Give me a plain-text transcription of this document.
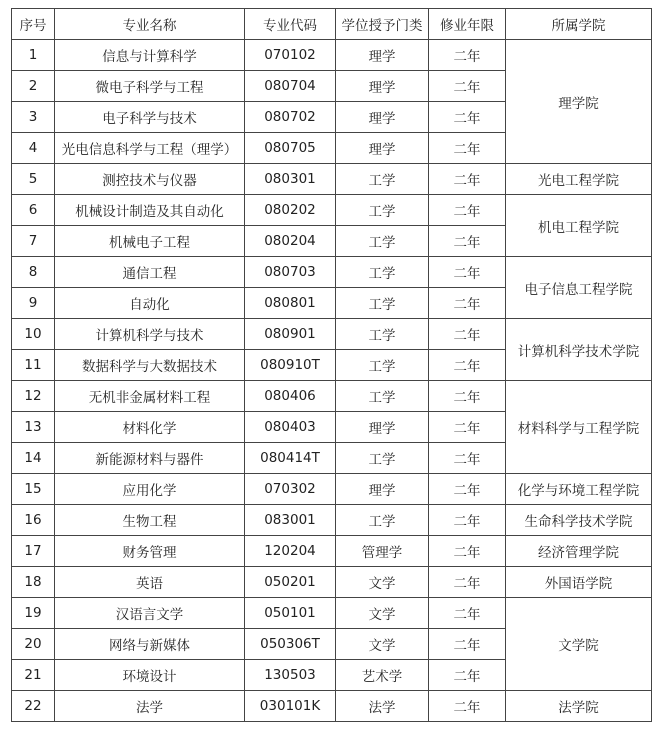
序号	专业名称	专业代码	学位授予门类	修业年限	所属学院
1	信息与计算科学	070102	理学	二年	理学院
2	微电子科学与工程	080704	理学	二年	
3	电子科学与技术	080702	理学	二年	
4	光电信息科学与工程（理学）	080705	理学	二年	
5	测控技术与仪器	080301	工学	二年	光电工程学院
6	机械设计制造及其自动化	080202	工学	二年	机电工程学院
7	机械电子工程	080204	工学	二年	
8	通信工程	080703	工学	二年	电子信息工程学院
9	自动化	080801	工学	二年	
10	计算机科学与技术	080901	工学	二年	计算机科学技术学院
11	数据科学与大数据技术	080910T	工学	二年	
12	无机非金属材料工程	080406	工学	二年	材料科学与工程学院
13	材料化学	080403	理学	二年	
14	新能源材料与器件	080414T	工学	二年	
15	应用化学	070302	理学	二年	化学与环境工程学院
16	生物工程	083001	工学	二年	生命科学技术学院
17	财务管理	120204	管理学	二年	经济管理学院
18	英语	050201	文学	二年	外国语学院
19	汉语言文学	050101	文学	二年	文学院
20	网络与新媒体	050306T	文学	二年	
21	环境设计	130503	艺术学	二年	
22	法学	030101K	法学	二年	法学院
